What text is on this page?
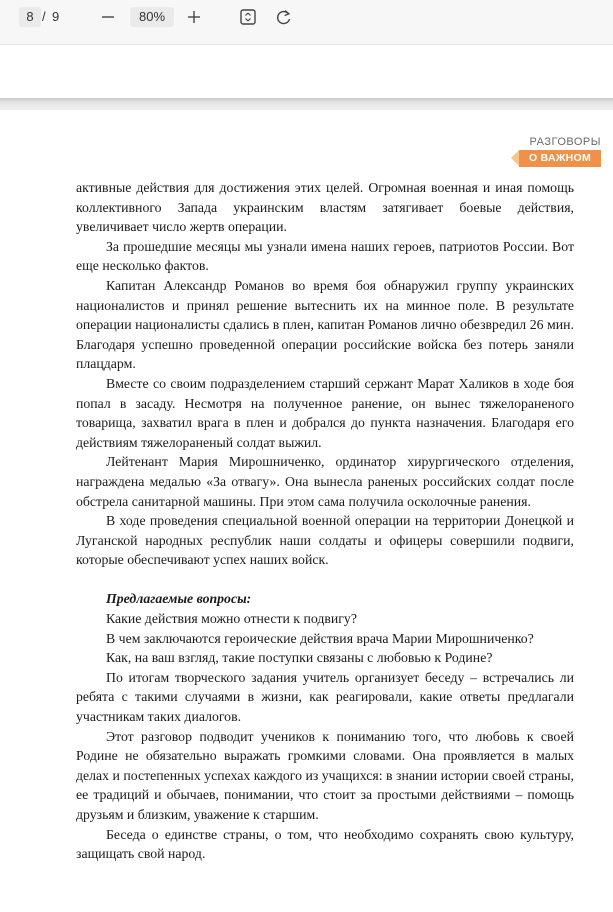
8 / 9	80%
РАЗГОВОРЫ
О ВАЖНОМ

активные действия для достижения этих целей. Огромная военная и иная помощь коллективного Запада украинским властям затягивает боевые действия, увеличивает число жертв операции.

За прошедшие месяцы мы узнали имена наших героев, патриотов России. Вот еще несколько фактов.

Капитан Александр Романов во время боя обнаружил группу украинских националистов и принял решение вытеснить их на минное поле. В результате операции националисты сдались в плен, капитан Романов лично обезвредил 26 мин. Благодаря успешно проведенной операции российские войска без потерь заняли плацдарм.

Вместе со своим подразделением старший сержант Марат Халиков в ходе боя попал в засаду. Несмотря на полученное ранение, он вынес тяжелораненого товарища, захватил врага в плен и добрался до пункта назначения. Благодаря его действиям тяжелораненый солдат выжил.

Лейтенант Мария Мирошниченко, ординатор хирургического отделения, награждена медалью «За отвагу». Она вынесла раненых российских солдат после обстрела санитарной машины. При этом сама получила осколочные ранения.

В ходе проведения специальной военной операции на территории Донецкой и Луганской народных республик наши солдаты и офицеры совершили подвиги, которые обеспечивают успех наших войск.

Предлагаемые вопросы:

Какие действия можно отнести к подвигу?

В чем заключаются героические действия врача Марии Мирошниченко?

Как, на ваш взгляд, такие поступки связаны с любовью к Родине?

По итогам творческого задания учитель организует беседу – встречались ли ребята с такими случаями в жизни, как реагировали, какие ответы предлагали участникам таких диалогов.

Этот разговор подводит учеников к пониманию того, что любовь к своей Родине не обязательно выражать громкими словами. Она проявляется в малых делах и постепенных успехах каждого из учащихся: в знании истории своей страны, ее традиций и обычаев, понимании, что стоит за простыми действиями – помощь друзьям и близким, уважение к старшим.

Беседа о единстве страны, о том, что необходимо сохранять свою культуру, защищать свой народ.
